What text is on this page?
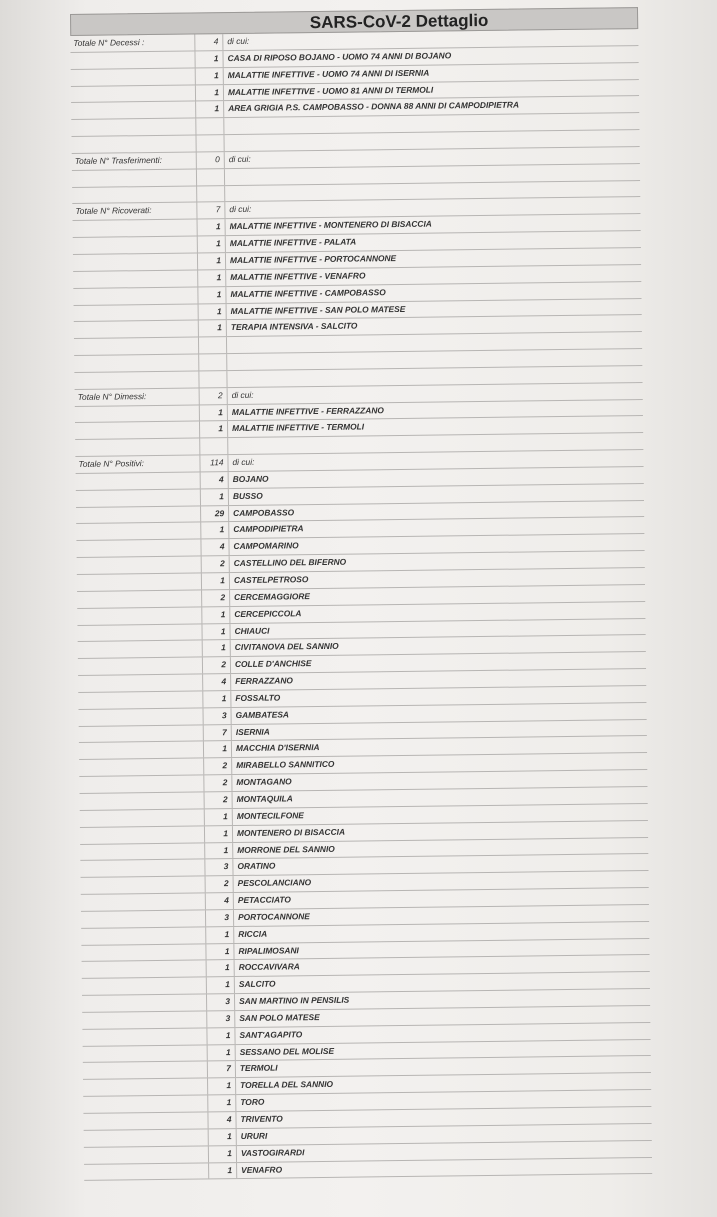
SARS-CoV-2 Dettaglio
Totale N° Decessi :	4	di cui:
1	CASA DI RIPOSO BOJANO - UOMO 74 ANNI DI BOJANO
1	MALATTIE INFETTIVE - UOMO 74 ANNI DI ISERNIA
1	MALATTIE INFETTIVE - UOMO 81 ANNI DI TERMOLI
1	AREA GRIGIA P.S. CAMPOBASSO - DONNA 88 ANNI DI CAMPODIPIETRA
Totale N° Trasferimenti:	0	di cui:
Totale N° Ricoverati:	7	di cui:
1	MALATTIE INFETTIVE - MONTENERO DI BISACCIA
1	MALATTIE INFETTIVE - PALATA
1	MALATTIE INFETTIVE - PORTOCANNONE
1	MALATTIE INFETTIVE - VENAFRO
1	MALATTIE INFETTIVE - CAMPOBASSO
1	MALATTIE INFETTIVE - SAN POLO MATESE
1	TERAPIA INTENSIVA - SALCITO
Totale N° Dimessi:	2	di cui:
1	MALATTIE INFETTIVE - FERRAZZANO
1	MALATTIE INFETTIVE - TERMOLI
Totale N° Positivi:	114	di cui:
4	BOJANO
1	BUSSO
29	CAMPOBASSO
1	CAMPODIPIETRA
4	CAMPOMARINO
2	CASTELLINO DEL BIFERNO
1	CASTELPETROSO
2	CERCEMAGGIORE
1	CERCEPICCOLA
1	CHIAUCI
1	CIVITANOVA DEL SANNIO
2	COLLE D'ANCHISE
4	FERRAZZANO
1	FOSSALTO
3	GAMBATESA
7	ISERNIA
1	MACCHIA D'ISERNIA
2	MIRABELLO SANNITICO
2	MONTAGANO
2	MONTAQUILA
1	MONTECILFONE
1	MONTENERO DI BISACCIA
1	MORRONE DEL SANNIO
3	ORATINO
2	PESCOLANCIANO
4	PETACCIATO
3	PORTOCANNONE
1	RICCIA
1	RIPALIMOSANI
1	ROCCAVIVARA
1	SALCITO
3	SAN MARTINO IN PENSILIS
3	SAN POLO MATESE
1	SANT'AGAPITO
1	SESSANO DEL MOLISE
7	TERMOLI
1	TORELLA DEL SANNIO
1	TORO
4	TRIVENTO
1	URURI
1	VASTOGIRARDI
1	VENAFRO
